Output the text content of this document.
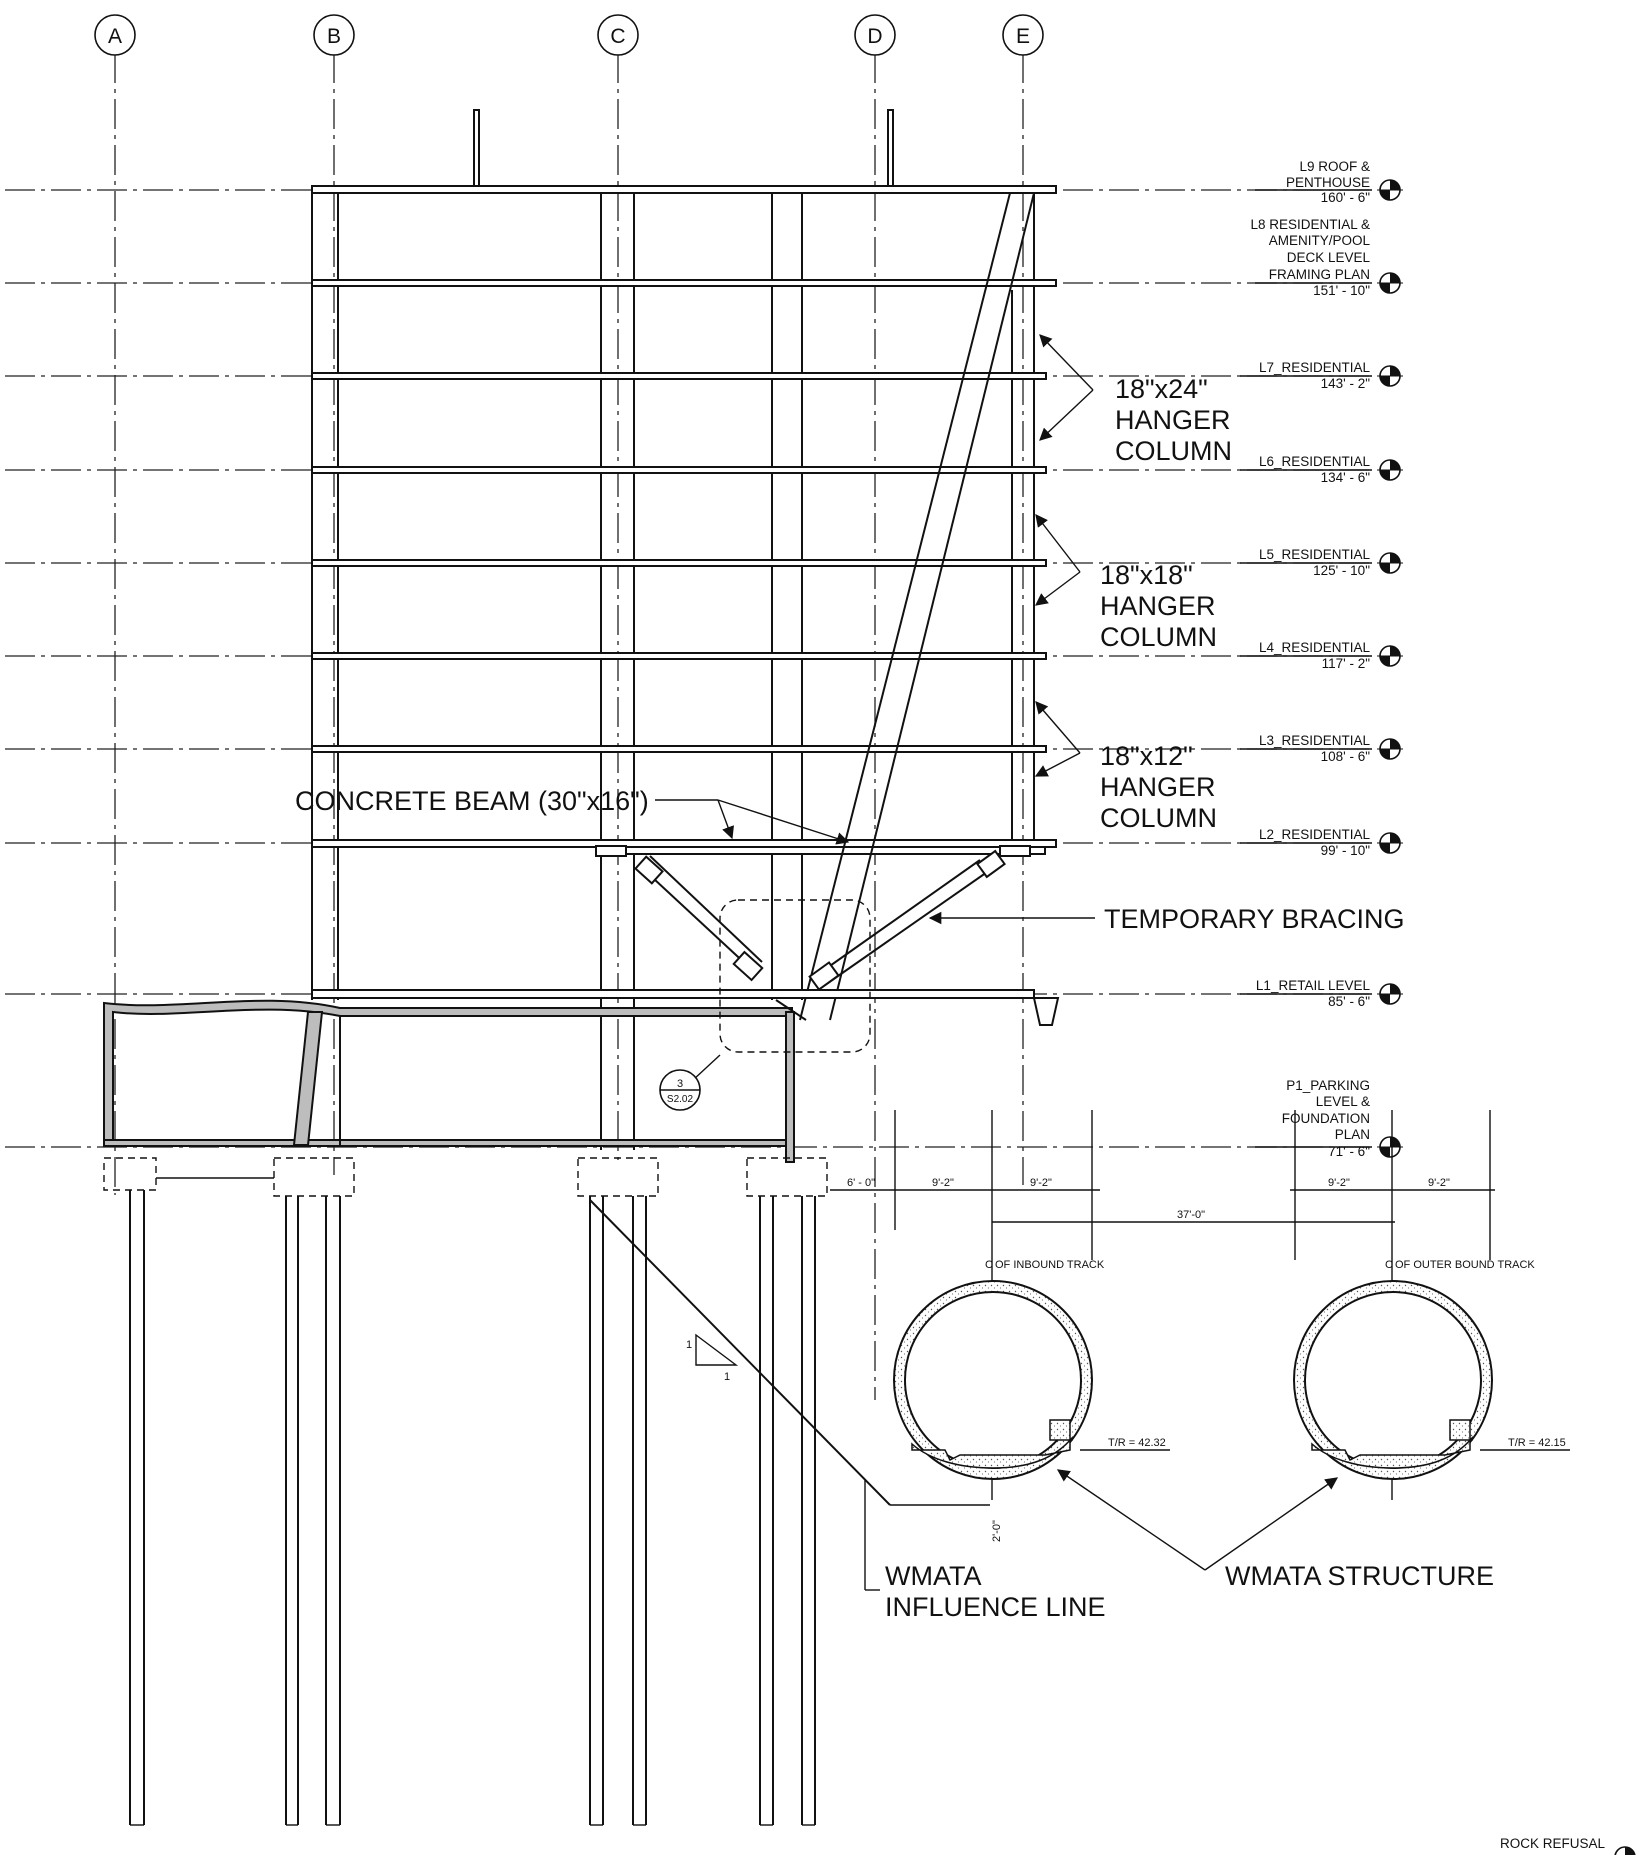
A	B	C	D	E
L9 ROOF &
PENTHOUSE
160' - 6"
L8 RESIDENTIAL &
AMENITY/POOL
DECK LEVEL
FRAMING PLAN
151' - 10"
L7_RESIDENTIAL
143' - 2"
L6_RESIDENTIAL
134' - 6"
L5_RESIDENTIAL
125' - 10"
L4_RESIDENTIAL
117' - 2"
L3_RESIDENTIAL
108' - 6"
L2_RESIDENTIAL
99' - 10"
L1_RETAIL LEVEL
85' - 6"
P1_PARKING
LEVEL &
FOUNDATION
PLAN
71' - 6"
ROCK REFUSAL
3
S2.02
1
1
6' - 0"	9'-2"	9'-2"	9'-2"	9'-2"
37'-0"
C OF INBOUND TRACK
T/R = 42.32
2'-0"
C OF OUTER BOUND TRACK
T/R = 42.15
18"x24"
HANGER
COLUMN
18"x18"
HANGER
COLUMN
18"x12"
HANGER
COLUMN
CONCRETE BEAM (30"x16")
TEMPORARY BRACING
WMATA
INFLUENCE LINE
WMATA STRUCTURE
